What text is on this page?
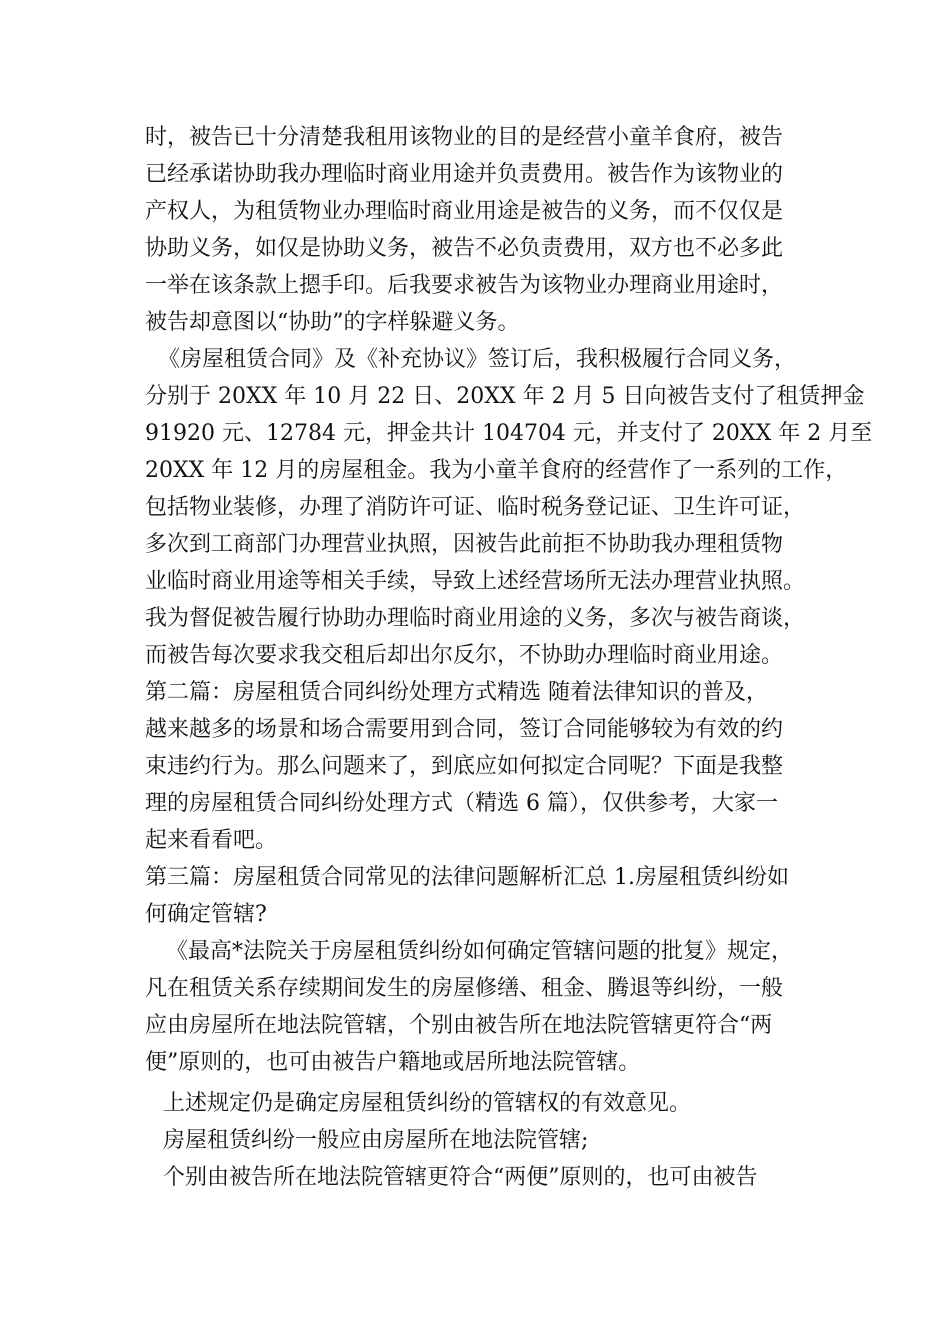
时，被告已十分清楚我租用该物业的目的是经营小童羊食府，被告
已经承诺协助我办理临时商业用途并负责费用。被告作为该物业的
产权人，为租赁物业办理临时商业用途是被告的义务，而不仅仅是
协助义务，如仅是协助义务，被告不必负责费用，双方也不必多此
一举在该条款上摁手印。后我要求被告为该物业办理商业用途时，
被告却意图以“协助”的字样躲避义务。
《房屋租赁合同》及《补充协议》签订后，我积极履行合同义务，
分别于 20XX 年 10 月 22 日、20XX 年 2 月 5 日向被告支付了租赁押金
91920 元、12784 元，押金共计 104704 元，并支付了 20XX 年 2 月至
20XX 年 12 月的房屋租金。我为小童羊食府的经营作了一系列的工作，
包括物业装修，办理了消防许可证、临时税务登记证、卫生许可证，
多次到工商部门办理营业执照，因被告此前拒不协助我办理租赁物
业临时商业用途等相关手续，导致上述经营场所无法办理营业执照。
我为督促被告履行协助办理临时商业用途的义务，多次与被告商谈，
而被告每次要求我交租后却出尔反尔，不协助办理临时商业用途。
第二篇：房屋租赁合同纠纷处理方式精选 随着法律知识的普及，
越来越多的场景和场合需要用到合同，签订合同能够较为有效的约
束违约行为。那么问题来了，到底应如何拟定合同呢？下面是我整
理的房屋租赁合同纠纷处理方式（精选 6 篇），仅供参考，大家一
起来看看吧。
第三篇：房屋租赁合同常见的法律问题解析汇总 1.房屋租赁纠纷如
何确定管辖?
《最高*法院关于房屋租赁纠纷如何确定管辖问题的批复》规定，
凡在租赁关系存续期间发生的房屋修缮、租金、腾退等纠纷，一般
应由房屋所在地法院管辖，个别由被告所在地法院管辖更符合“两
便”原则的，也可由被告户籍地或居所地法院管辖。
上述规定仍是确定房屋租赁纠纷的管辖权的有效意见。
房屋租赁纠纷一般应由房屋所在地法院管辖;
个别由被告所在地法院管辖更符合“两便”原则的，也可由被告
